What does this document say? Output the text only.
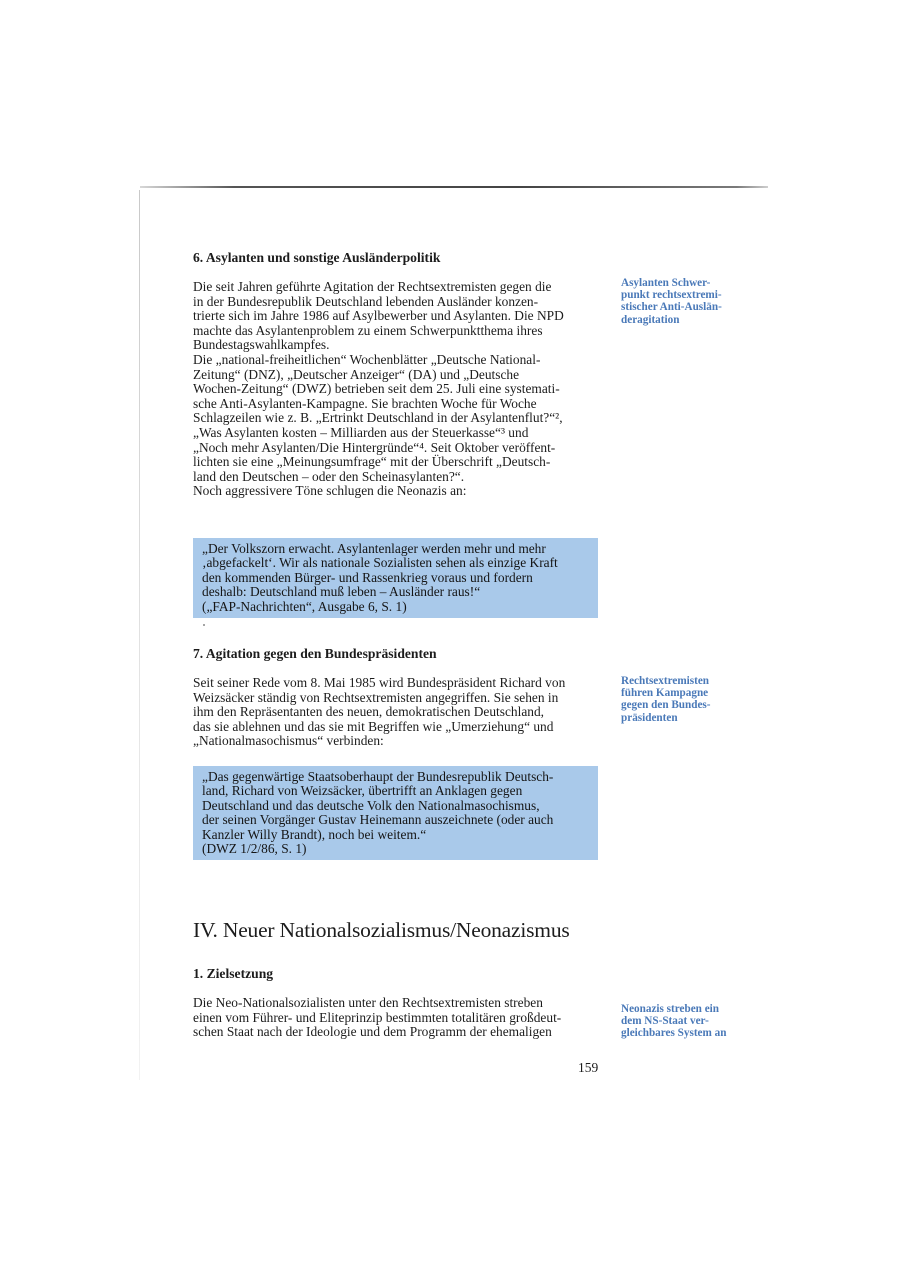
6. Asylanten und sonstige Ausländerpolitik
Die seit Jahren geführte Agitation der Rechtsextremisten gegen die
in der Bundesrepublik Deutschland lebenden Ausländer konzen-
trierte sich im Jahre 1986 auf Asylbewerber und Asylanten. Die NPD
machte das Asylantenproblem zu einem Schwerpunktthema ihres
Bundestagswahlkampfes.
Die „national-freiheitlichen“ Wochenblätter „Deutsche National-
Zeitung“ (DNZ), „Deutscher Anzeiger“ (DA) und „Deutsche
Wochen-Zeitung“ (DWZ) betrieben seit dem 25. Juli eine systemati-
sche Anti-Asylanten-Kampagne. Sie brachten Woche für Woche
Schlagzeilen wie z. B. „Ertrinkt Deutschland in der Asylantenflut?“²,
„Was Asylanten kosten – Milliarden aus der Steuerkasse“³ und
„Noch mehr Asylanten/Die Hintergründe“⁴. Seit Oktober veröffent-
lichten sie eine „Meinungsumfrage“ mit der Überschrift „Deutsch-
land den Deutschen – oder den Scheinasylanten?“.
Noch aggressivere Töne schlugen die Neonazis an:
„Der Volkszorn erwacht. Asylantenlager werden mehr und mehr
‚abgefackelt‘. Wir als nationale Sozialisten sehen als einzige Kraft
den kommenden Bürger- und Rassenkrieg voraus und fordern
deshalb: Deutschland muß leben – Ausländer raus!“
(„FAP-Nachrichten“, Ausgabe 6, S. 1)
Asylanten Schwer-
punkt rechtsextremi-
stischer Anti-Auslän-
deragitation
7. Agitation gegen den Bundespräsidenten
Seit seiner Rede vom 8. Mai 1985 wird Bundespräsident Richard von
Weizsäcker ständig von Rechtsextremisten angegriffen. Sie sehen in
ihm den Repräsentanten des neuen, demokratischen Deutschland,
das sie ablehnen und das sie mit Begriffen wie „Umerziehung“ und
„Nationalmasochismus“ verbinden:
„Das gegenwärtige Staatsoberhaupt der Bundesrepublik Deutsch-
land, Richard von Weizsäcker, übertrifft an Anklagen gegen
Deutschland und das deutsche Volk den Nationalmasochismus,
der seinen Vorgänger Gustav Heinemann auszeichnete (oder auch
Kanzler Willy Brandt), noch bei weitem.“
(DWZ 1/2/86, S. 1)
Rechtsextremisten
führen Kampagne
gegen den Bundes-
präsidenten
IV. Neuer Nationalsozialismus/Neonazismus
1. Zielsetzung
Die Neo-Nationalsozialisten unter den Rechtsextremisten streben
einen vom Führer- und Eliteprinzip bestimmten totalitären großdeut-
schen Staat nach der Ideologie und dem Programm der ehemaligen
Neonazis streben ein
dem NS-Staat ver-
gleichbares System an
159
